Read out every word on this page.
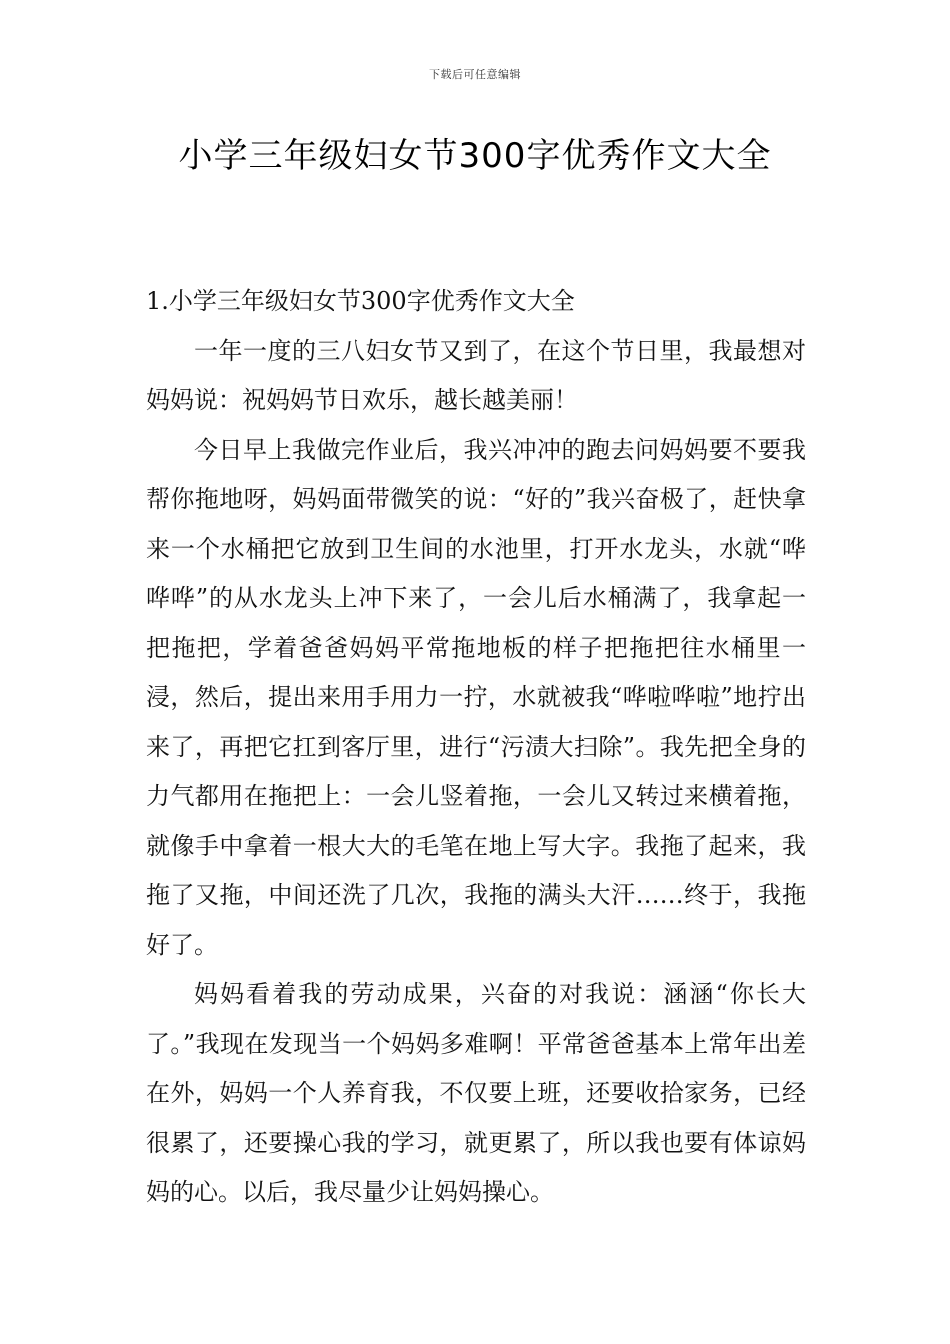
下载后可任意编辑
小学三年级妇女节300字优秀作文大全
1.小学三年级妇女节300字优秀作文大全

一年一度的三八妇女节又到了，在这个节日里，我最想对妈妈说：祝妈妈节日欢乐，越长越美丽！

今日早上我做完作业后，我兴冲冲的跑去问妈妈要不要我帮你拖地呀，妈妈面带微笑的说：“好的”我兴奋极了，赶快拿来一个水桶把它放到卫生间的水池里，打开水龙头，水就“哗哗哗”的从水龙头上冲下来了，一会儿后水桶满了，我拿起一把拖把，学着爸爸妈妈平常拖地板的样子把拖把往水桶里一浸，然后，提出来用手用力一拧，水就被我“哗啦哗啦”地拧出来了，再把它扛到客厅里，进行“污渍大扫除”。我先把全身的力气都用在拖把上：一会儿竖着拖，一会儿又转过来横着拖，就像手中拿着一根大大的毛笔在地上写大字。我拖了起来，我拖了又拖，中间还洗了几次，我拖的满头大汗……终于，我拖好了。

妈妈看着我的劳动成果，兴奋的对我说：涵涵“你长大了。”我现在发现当一个妈妈多难啊！平常爸爸基本上常年出差在外，妈妈一个人养育我，不仅要上班，还要收拾家务，已经很累了，还要操心我的学习，就更累了，所以我也要有体谅妈妈的心。以后，我尽量少让妈妈操心。
